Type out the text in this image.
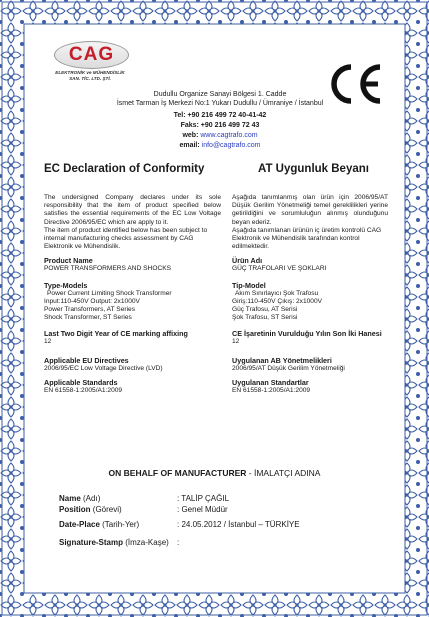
CAG
ELEKTRONİK ve MÜHENDİSLİK
SAN. TİC. LTD. ŞTİ.
Dudullu Organize Sanayi Bölgesi 1. Cadde
İsmet Tarman İş Merkezi No:1 Yukarı Dudullu / Ümraniye / İstanbul
Tel: +90 216 499 72 40-41-42
Faks: +90 216 499 72 43
web: www.cagtrafo.com
email: info@cagtrafo.com
EC Declaration of Conformity	AT Uygunluk Beyanı
The undersigned Company declares under its sole responsibility that the item of product specified below satisfies the essential requirements of the EC Low Voltage Directive 2006/95/EC which are apply to it.
The item of product identified below has been subject to internal manufacturing checks assessment by CAG Elektronik ve Mühendislik.
Product Name
POWER TRANSFORMERS AND SHOCKS
Type-Models
Power Current Limiting Shock Transformer
Input:110-450V Output: 2x1000V
Power Transformers, AT Series
Shock Transformer, ST Series
Last Two Digit Year of CE marking affixing
12
Applicable EU Directives
2006/95/EC Low Voltage Directive (LVD)
Applicable Standards
EN 61558-1:2005/A1:2009
Aşağıda tanımlanmış olan ürün için 2006/95/AT Düşük Gerilim Yönetmeliği temel gereklilikleri yerine getirildiğini ve sorumluluğun alınmış olunduğunu beyan ederiz.
Aşağıda tanımlanan ürünün iç üretim kontrolü CAG Elektronik ve Mühendislik tarafından kontrol edilmektedir.
Ürün Adı
GÜÇ TRAFOLARI VE ŞOKLARI
Tip-Model
Akım Sınırlayıcı Şok Trafosu
Giriş:110-450V Çıkış: 2x1000V
Güç Trafosu, AT Serisi
Şok Trafosu, ST Serisi
CE İşaretinin Vurulduğu Yılın Son İki Hanesi
12
Uygulanan AB Yönetmelikleri
2006/95/AT Düşük Gerilim Yönetmeliği
Uygulanan Standartlar
EN 61558-1:2005/A1:2009
ON BEHALF OF MANUFACTURER - İMALATÇI ADINA
Name (Adı)	: TALİP ÇAĞIL
Position (Görevi)	: Genel Müdür
Date-Place (Tarih-Yer)	: 24.05.2012 / İstanbul – TÜRKİYE
Signature-Stamp (İmza-Kaşe) :
